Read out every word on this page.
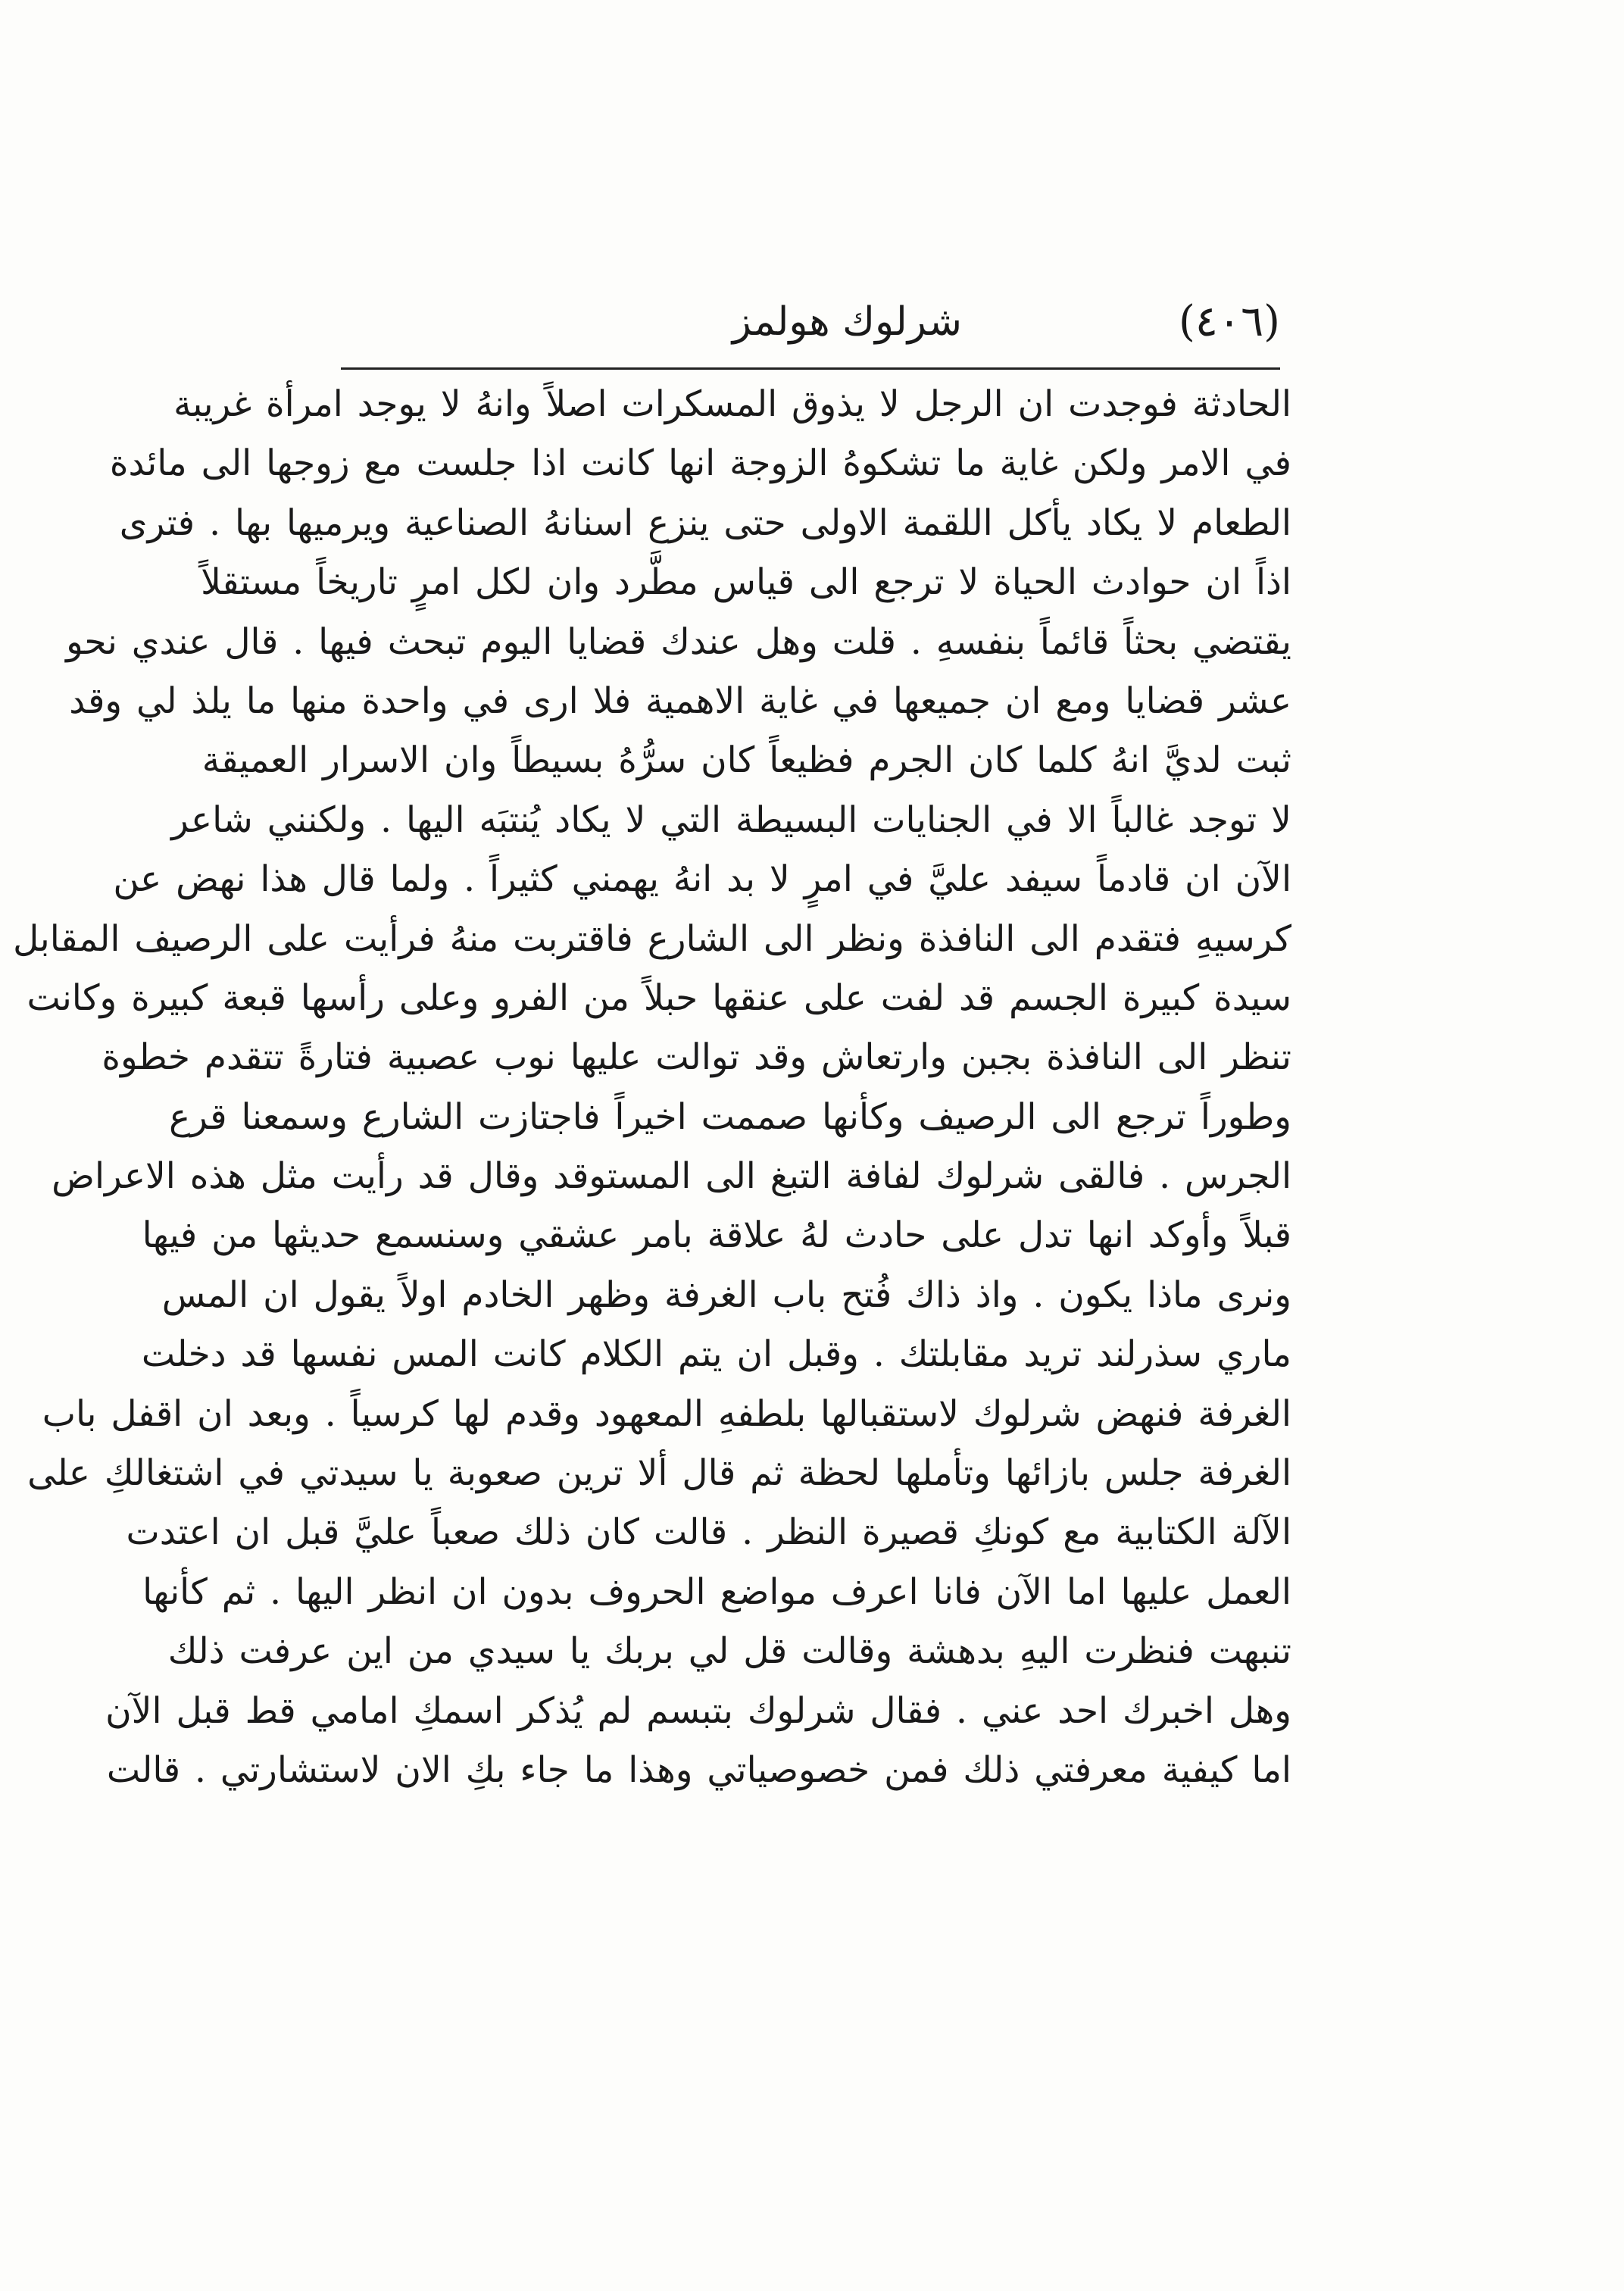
(٤٠٦)
شرلوك هولمز
الحادثة فوجدت ان الرجل لا يذوق المسكرات اصلاً وانهُ لا يوجد امرأة غريبة
في الامر ولكن غاية ما تشكوهُ الزوجة انها كانت اذا جلست مع زوجها الى مائدة
الطعام لا يكاد يأكل اللقمة الاولى حتى ينزع اسنانهُ الصناعية ويرميها بها . فترى
اذاً ان حوادث الحياة لا ترجع الى قياس مطَّرد وان لكل امرٍ تاريخاً مستقلاً
يقتضي بحثاً قائماً بنفسهِ . قلت وهل عندك قضايا اليوم تبحث فيها . قال عندي نحو
عشر قضايا ومع ان جميعها في غاية الاهمية فلا ارى في واحدة منها ما يلذ لي وقد
ثبت لديَّ انهُ كلما كان الجرم فظيعاً كان سرُّهُ بسيطاً وان الاسرار العميقة
لا توجد غالباً الا في الجنايات البسيطة التي لا يكاد يُنتبَه اليها . ولكنني شاعر
الآن ان قادماً سيفد عليَّ في امرٍ لا بد انهُ يهمني كثيراً . ولما قال هذا نهض عن
كرسيهِ فتقدم الى النافذة ونظر الى الشارع فاقتربت منهُ فرأيت على الرصيف المقابل
سيدة كبيرة الجسم قد لفت على عنقها حبلاً من الفرو وعلى رأسها قبعة كبيرة وكانت
تنظر الى النافذة بجبن وارتعاش وقد توالت عليها نوب عصبية فتارةً تتقدم خطوة
وطوراً ترجع الى الرصيف وكأنها صممت اخيراً فاجتازت الشارع وسمعنا قرع
الجرس . فالقى شرلوك لفافة التبغ الى المستوقد وقال قد رأيت مثل هذه الاعراض
قبلاً وأوكد انها تدل على حادث لهُ علاقة بامر عشقي وسنسمع حديثها من فيها
ونرى ماذا يكون . واذ ذاك فُتح باب الغرفة وظهر الخادم اولاً يقول ان المس
ماري سذرلند تريد مقابلتك . وقبل ان يتم الكلام كانت المس نفسها قد دخلت
الغرفة فنهض شرلوك لاستقبالها بلطفهِ المعهود وقدم لها كرسياً . وبعد ان اقفل باب
الغرفة جلس بازائها وتأملها لحظة ثم قال ألا ترين صعوبة يا سيدتي في اشتغالكِ على
الآلة الكتابية مع كونكِ قصيرة النظر . قالت كان ذلك صعباً عليَّ قبل ان اعتدت
العمل عليها اما الآن فانا اعرف مواضع الحروف بدون ان انظر اليها . ثم كأنها
تنبهت فنظرت اليهِ بدهشة وقالت قل لي بربك يا سيدي من اين عرفت ذلك
وهل اخبرك احد عني . فقال شرلوك بتبسم لم يُذكر اسمكِ امامي قط قبل الآن
اما كيفية معرفتي ذلك فمن خصوصياتي وهذا ما جاء بكِ الان لاستشارتي . قالت
